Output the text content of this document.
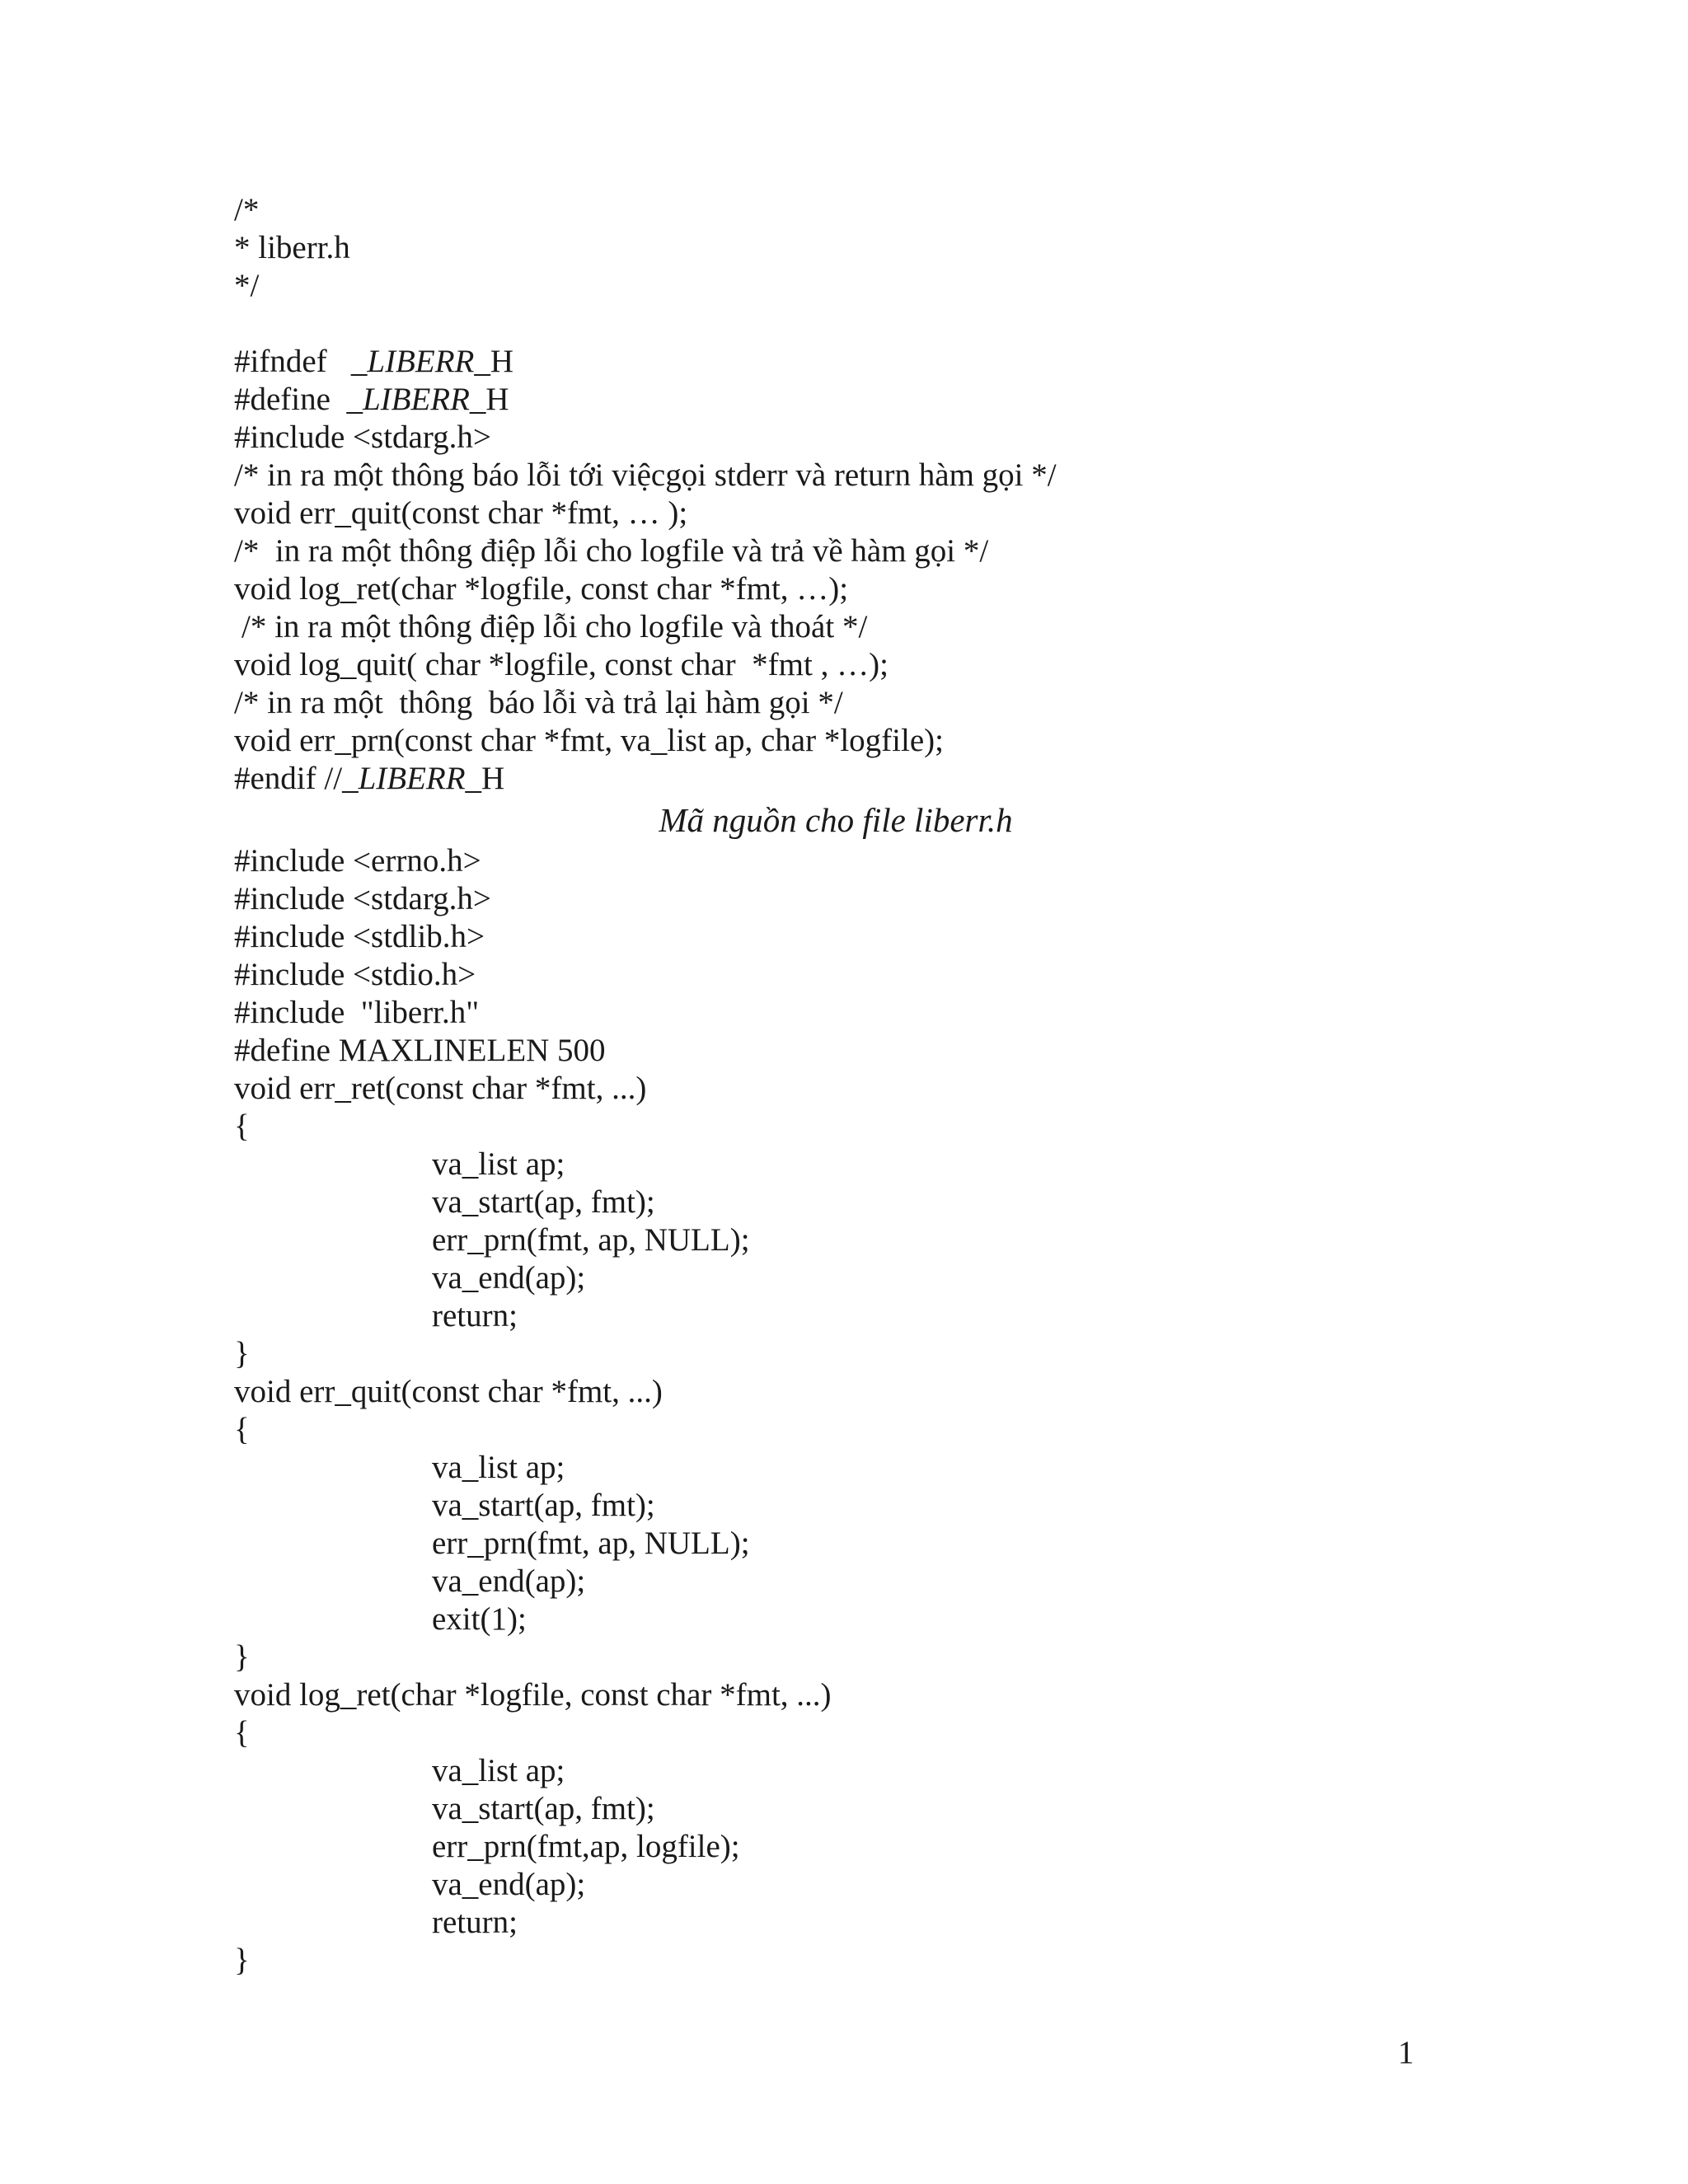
/*
* liberr.h
*/
#ifndef   _LIBERR_H
#define  _LIBERR_H
#include <stdarg.h>
/* in ra một thông báo lỗi tới việcgọi stderr và return hàm gọi */
void err_quit(const char *fmt, … );
/*  in ra một thông điệp lỗi cho logfile và trả về hàm gọi */
void log_ret(char *logfile, const char *fmt, …);
/* in ra một thông điệp lỗi cho logfile và thoát */
void log_quit( char *logfile, const char  *fmt , …);
/* in ra một  thông  báo lỗi và trả lại hàm gọi */
void err_prn(const char *fmt, va_list ap, char *logfile);
#endif //_LIBERR_H
Mã nguồn cho file liberr.h
#include <errno.h>
#include <stdarg.h>
#include <stdlib.h>
#include <stdio.h>
#include  "liberr.h"
#define MAXLINELEN 500
void err_ret(const char *fmt, ...)
{
va_list ap;
va_start(ap, fmt);
err_prn(fmt, ap, NULL);
va_end(ap);
return;
}
void err_quit(const char *fmt, ...)
{
va_list ap;
va_start(ap, fmt);
err_prn(fmt, ap, NULL);
va_end(ap);
exit(1);
}
void log_ret(char *logfile, const char *fmt, ...)
{
va_list ap;
va_start(ap, fmt);
err_prn(fmt,ap, logfile);
va_end(ap);
return;
}
1
